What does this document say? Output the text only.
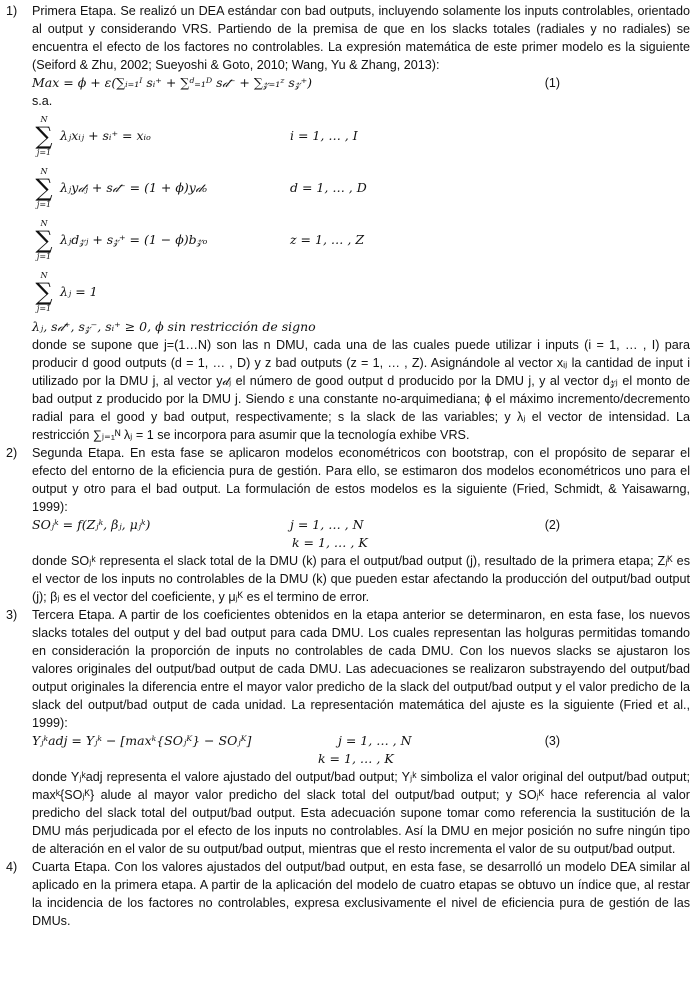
1)	Primera Etapa. Se realizó un DEA estándar con bad outputs, incluyendo solamente los inputs controlables, orientado al output y considerando VRS. Partiendo de la premisa de que en los slacks totales (radiales y no radiales) se encuentra el efecto de los factores no controlables. La expresión matemática de este primer modelo es la siguiente (Seiford & Zhu, 2002; Sueyoshi & Goto, 2010; Wang, Yu & Zhang, 2013):

Max = ϕ + ε(∑ᵢ₌₁ᴵ sᵢ⁺ + ∑ᵈ₌₁ᴰ s𝒹⁻ + ∑𝓏₌₁ᶻ s𝓏⁺)	(1)

s.a.

N
∑
j=1
λⱼxᵢⱼ + sᵢ⁺ = xᵢₒ	i = 1, … , I
N
∑
j=1
λⱼy𝒹ⱼ + s𝒹⁻ = (1 + ϕ)y𝒹ₒ	d = 1, … , D
N
∑
j=1
λⱼd𝓏ⱼ + s𝓏⁺ = (1 − ϕ)b𝓏ₒ	z = 1, … , Z
N
∑
j=1
λⱼ = 1

λⱼ, s𝒹⁺, s𝓏⁻, sᵢ⁺ ≥ 0, ϕ sin restricción de signo

donde se supone que j=(1…N) son las n DMU, cada una de las cuales puede utilizar i inputs (i = 1, … , I) para producir d good outputs (d = 1, … , D) y z bad outputs (z = 1, … , Z). Asignándole al vector xᵢⱼ la cantidad de input i utilizado por la DMU j, al vector y𝒹ⱼ el número de good output d producido por la DMU j, y al vector d𝓏ⱼ el monto de bad output z producido por la DMU j. Siendo ε una constante no-arquimediana; ϕ el máximo incremento/decremento radial para el good y bad output, respectivamente; s la slack de las variables; y λⱼ el vector de intensidad. La restricción ∑ⱼ₌₁ᴺ λⱼ = 1 se incorpora para asumir que la tecnología exhibe VRS.

2)	Segunda Etapa. En esta fase se aplicaron modelos econométricos con bootstrap, con el propósito de separar el efecto del entorno de la eficiencia pura de gestión. Para ello, se estimaron dos modelos econométricos uno para el output y otro para el bad output. La formulación de estos modelos es la siguiente (Fried, Schmidt, & Yaisawarng, 1999):

SOⱼᵏ = f(Zⱼᵏ, βⱼ, μⱼᵏ)	j = 1, … , N	(2)
k = 1, … , K

donde SOⱼᵏ representa el slack total de la DMU (k) para el output/bad output (j), resultado de la primera etapa; Zⱼᴷ es el vector de los inputs no controlables de la DMU (k) que pueden estar afectando la producción del output/bad output (j); βⱼ es el vector del coeficiente, y μⱼᴷ es el termino de error.

3)	Tercera Etapa. A partir de los coeficientes obtenidos en la etapa anterior se determinaron, en esta fase, los nuevos slacks totales del output y del bad output para cada DMU. Los cuales representan las holguras permitidas tomando en consideración la proporción de inputs no controlables de cada DMU. Con los nuevos slacks se ajustaron los valores originales del output/bad output de cada DMU. Las adecuaciones se realizaron substrayendo del output/bad output originales la diferencia entre el mayor valor predicho de la slack del output/bad output y el valor predicho de la slack del output/bad output de cada unidad. La representación matemática del ajuste es la siguiente (Fried et al., 1999):

Yⱼᵏadj = Yⱼᵏ − [maxᵏ{SOⱼᴷ} − SOⱼᴷ]	j = 1, … , N	(3)
k = 1, … , K

donde Yⱼᵏadj representa el valore ajustado del output/bad output; Yⱼᵏ simboliza el valor original del output/bad output; maxᵏ{SOⱼᴷ} alude al mayor valor predicho del slack total del output/bad output; y SOⱼᴷ hace referencia al valor predicho del slack total del output/bad output. Esta adecuación supone tomar como referencia la sustitución de la DMU más perjudicada por el efecto de los inputs no controlables. Así la DMU en mejor posición no sufre ningún tipo de alteración en el valor de su output/bad output, mientras que el resto incrementa el valor de su output/bad output.

4)	Cuarta Etapa. Con los valores ajustados del output/bad output, en esta fase, se desarrolló un modelo DEA similar al aplicado en la primera etapa. A partir de la aplicación del modelo de cuatro etapas se obtuvo un índice que, al restar la incidencia de los factores no controlables, expresa exclusivamente el nivel de eficiencia pura de gestión de las DMUs.
